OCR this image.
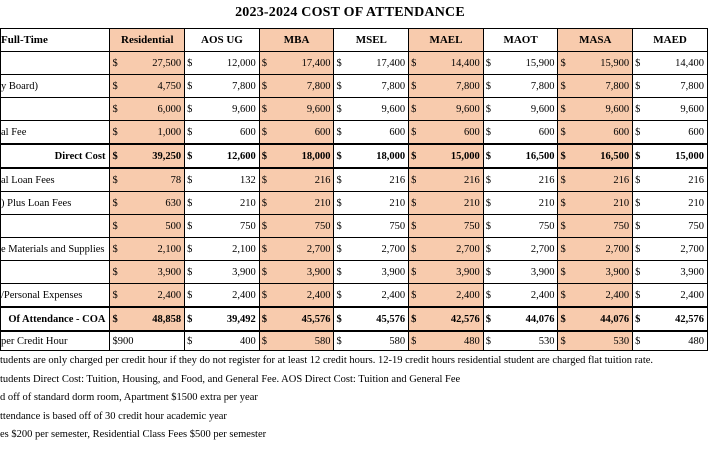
2023-2024 COST OF ATTENDANCE
Full-Time	Residential		AOS UG		MBA		MSEL		MAEL		MAOT		MASA		MAED	
	$	27,500	$	12,000	$	17,400	$	17,400	$	14,400	$	15,900	$	15,900	$	14,400
y Board)	$	4,750	$	7,800	$	7,800	$	7,800	$	7,800	$	7,800	$	7,800	$	7,800
	$	6,000	$	9,600	$	9,600	$	9,600	$	9,600	$	9,600	$	9,600	$	9,600
al Fee	$	1,000	$	600	$	600	$	600	$	600	$	600	$	600	$	600
Direct Cost	$	39,250	$	12,600	$	18,000	$	18,000	$	15,000	$	16,500	$	16,500	$	15,000
al Loan Fees	$	78	$	132	$	216	$	216	$	216	$	216	$	216	$	216
) Plus Loan Fees	$	630	$	210	$	210	$	210	$	210	$	210	$	210	$	210
	$	500	$	750	$	750	$	750	$	750	$	750	$	750	$	750
e Materials and Supplies	$	2,100	$	2,100	$	2,700	$	2,700	$	2,700	$	2,700	$	2,700	$	2,700
	$	3,900	$	3,900	$	3,900	$	3,900	$	3,900	$	3,900	$	3,900	$	3,900
/Personal Expenses	$	2,400	$	2,400	$	2,400	$	2,400	$	2,400	$	2,400	$	2,400	$	2,400
Of Attendance - COA	$	48,858	$	39,492	$	45,576	$	45,576	$	42,576	$	44,076	$	44,076	$	42,576
per Credit Hour	$900		$	400	$	580	$	580	$	480	$	530	$	530	$	480
tudents are only charged per credit hour if they do not register for at least 12 credit hours. 12-19 credit hours residential student are charged flat tuition rate.
tudents Direct Cost: Tuition, Housing, and Food, and General Fee. AOS Direct Cost: Tuition and General Fee
d off of standard dorm room, Apartment $1500 extra per year
ttendance is based off of 30 credit hour academic year
es $200 per semester, Residential Class Fees $500 per semester
